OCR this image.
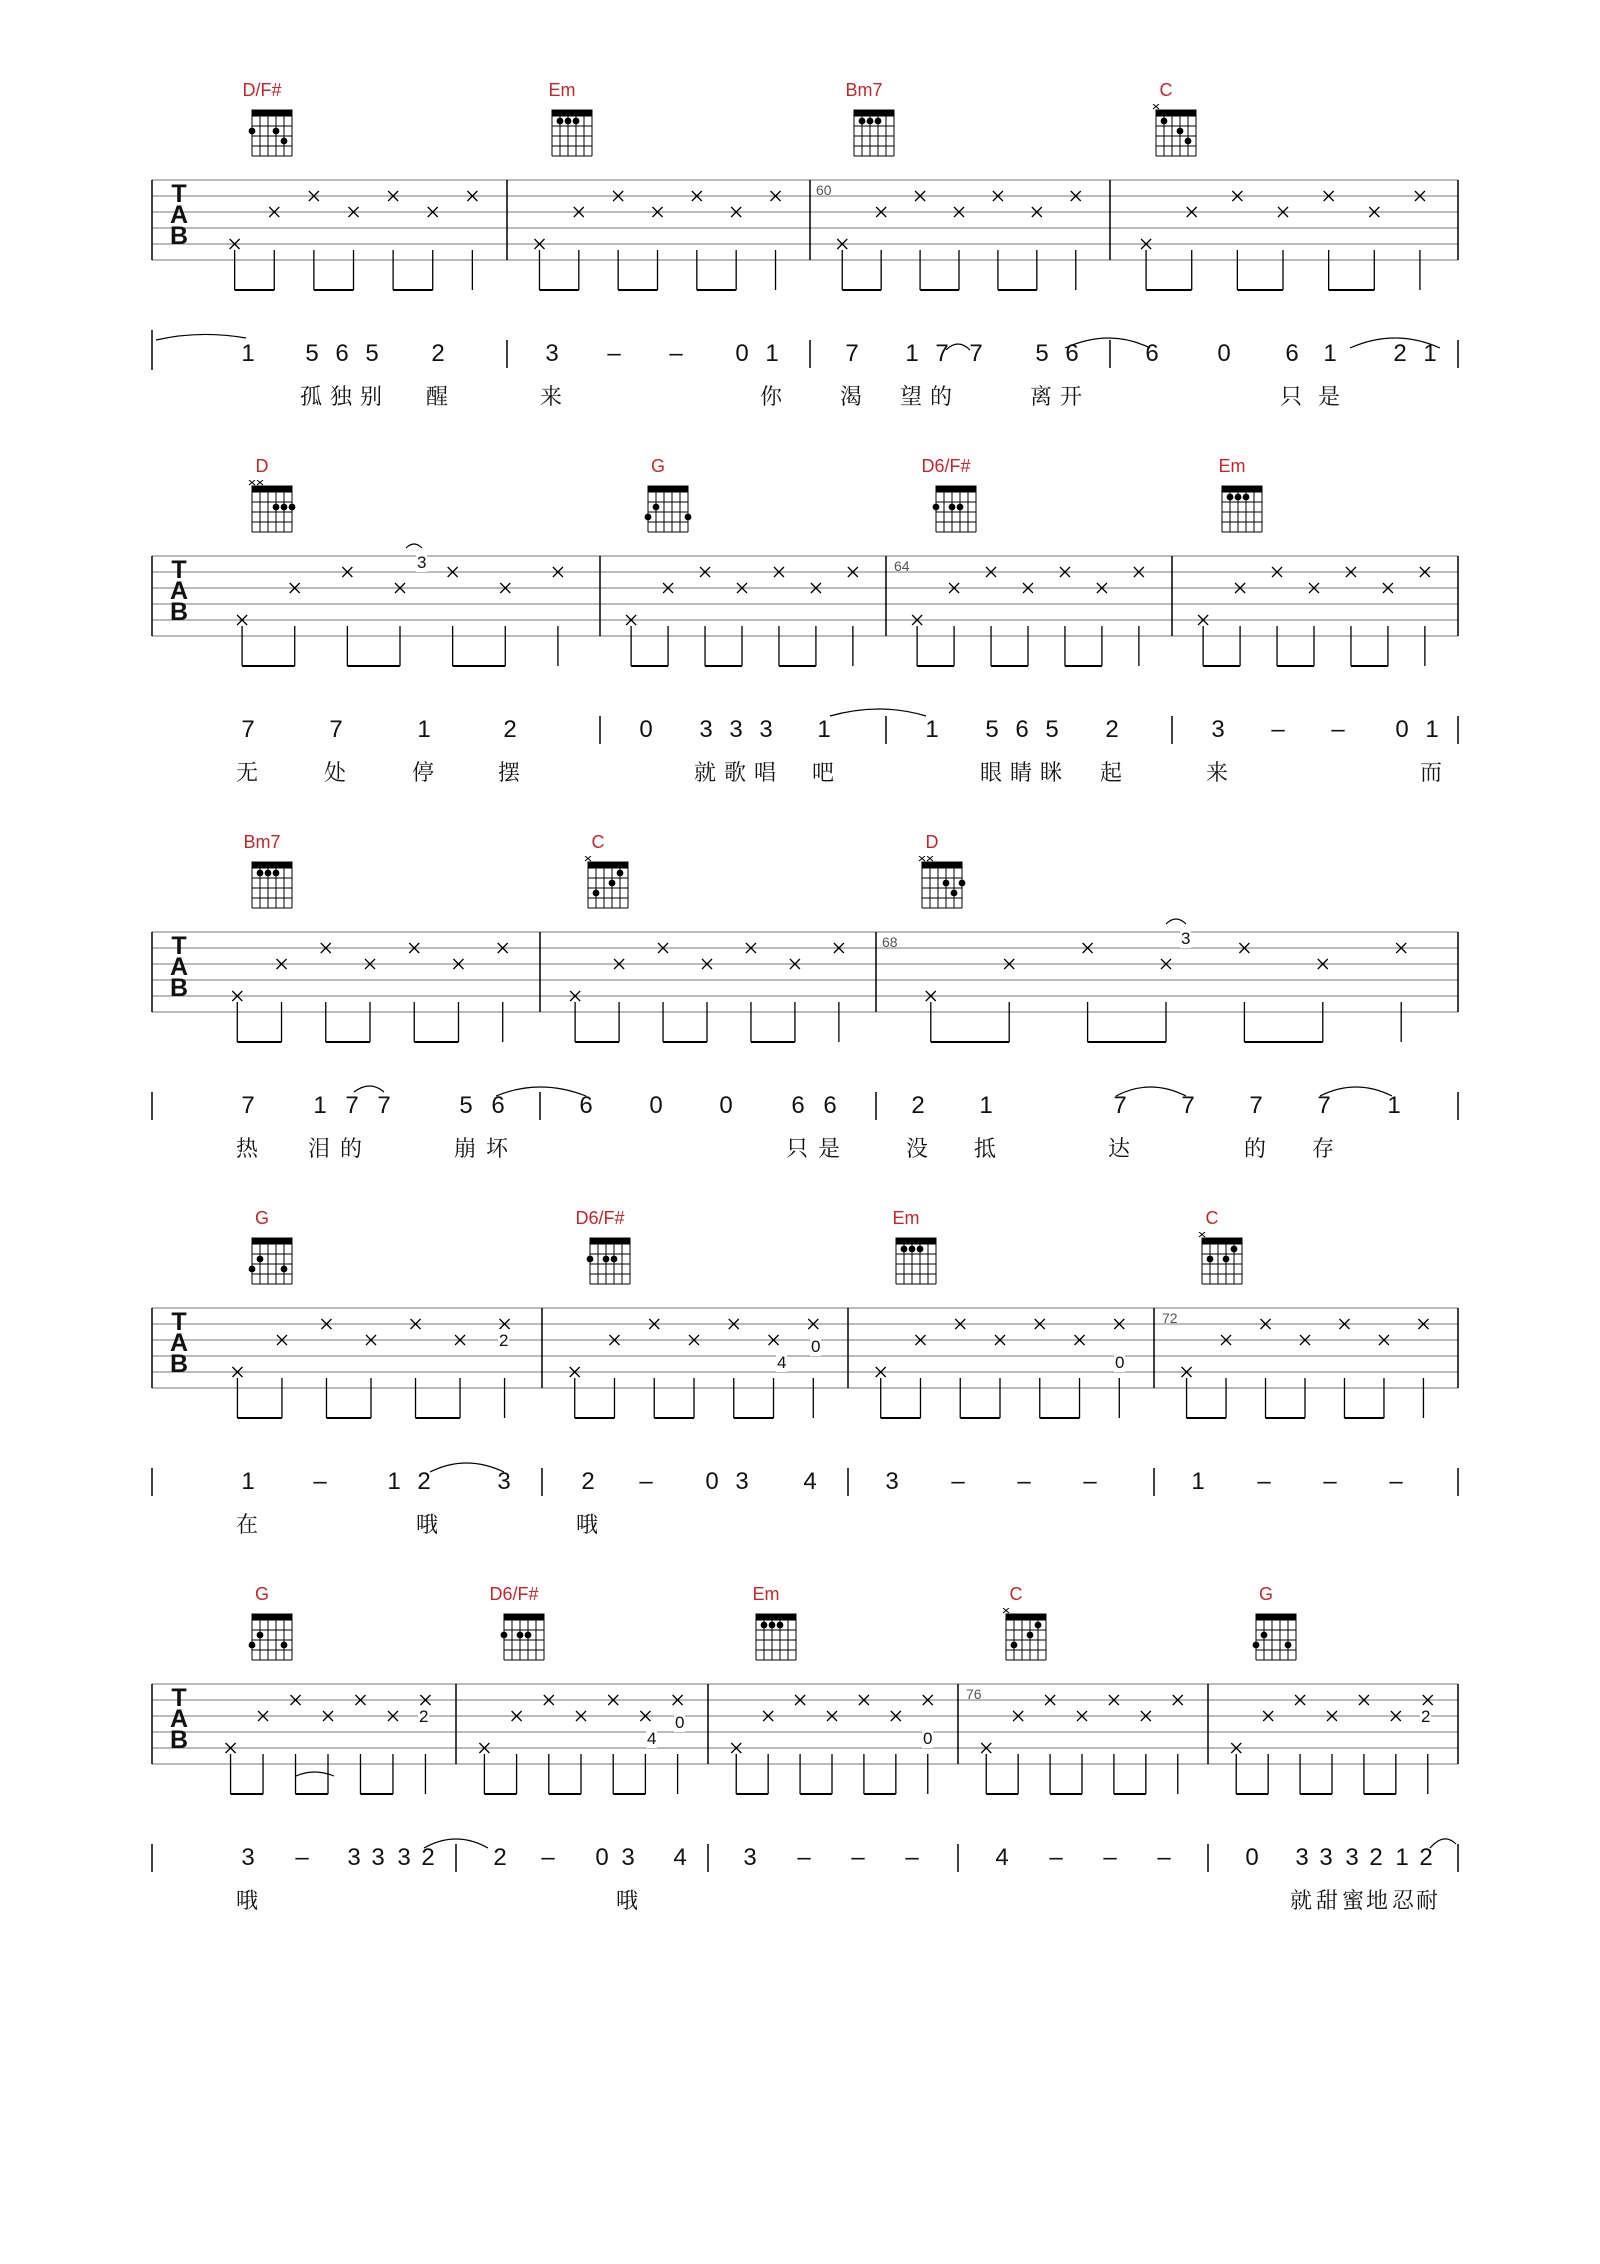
T
A
B
60
D/F#	Em	Bm7	C
1 5 6 5 2	3 – – 0 1	7 1 7 7 5 6	6 0 6 1 2 1
孤 独 别 醒	来	你	渴 望 的	离 开	只 是
T
A
B
64
3
D	G	D6/F#	Em
7	7	1	2	0 3 3 3 1	1 5 6 5 2	3 – – 0 1
无	处	停	摆	就 歌 唱 吧	眼 睛 眯 起	来	而
T
A
B
68	3
Bm7	C	D
7 1 7 7	5 6	6 0 0 6 6	2 1	7 7 7 7 1
热 泪 的	崩 坏	只 是	没 抵	达	的 存
T
A
B
72
2
4
0
0
G	D6/F#	Em	C
1 –	1 2	3	2 – 0 3 4	3 – – –	1 – – –
在	哦	哦
T
A
B
76
2
4
0
0
2
G	D6/F#	Em	C	G
3 – 3 3 3 2 2 – 0 3 4 3 – – –	4 – – –	0 3 3 3 2 1 2
哦	哦	就 甜 蜜 地 忍 耐
